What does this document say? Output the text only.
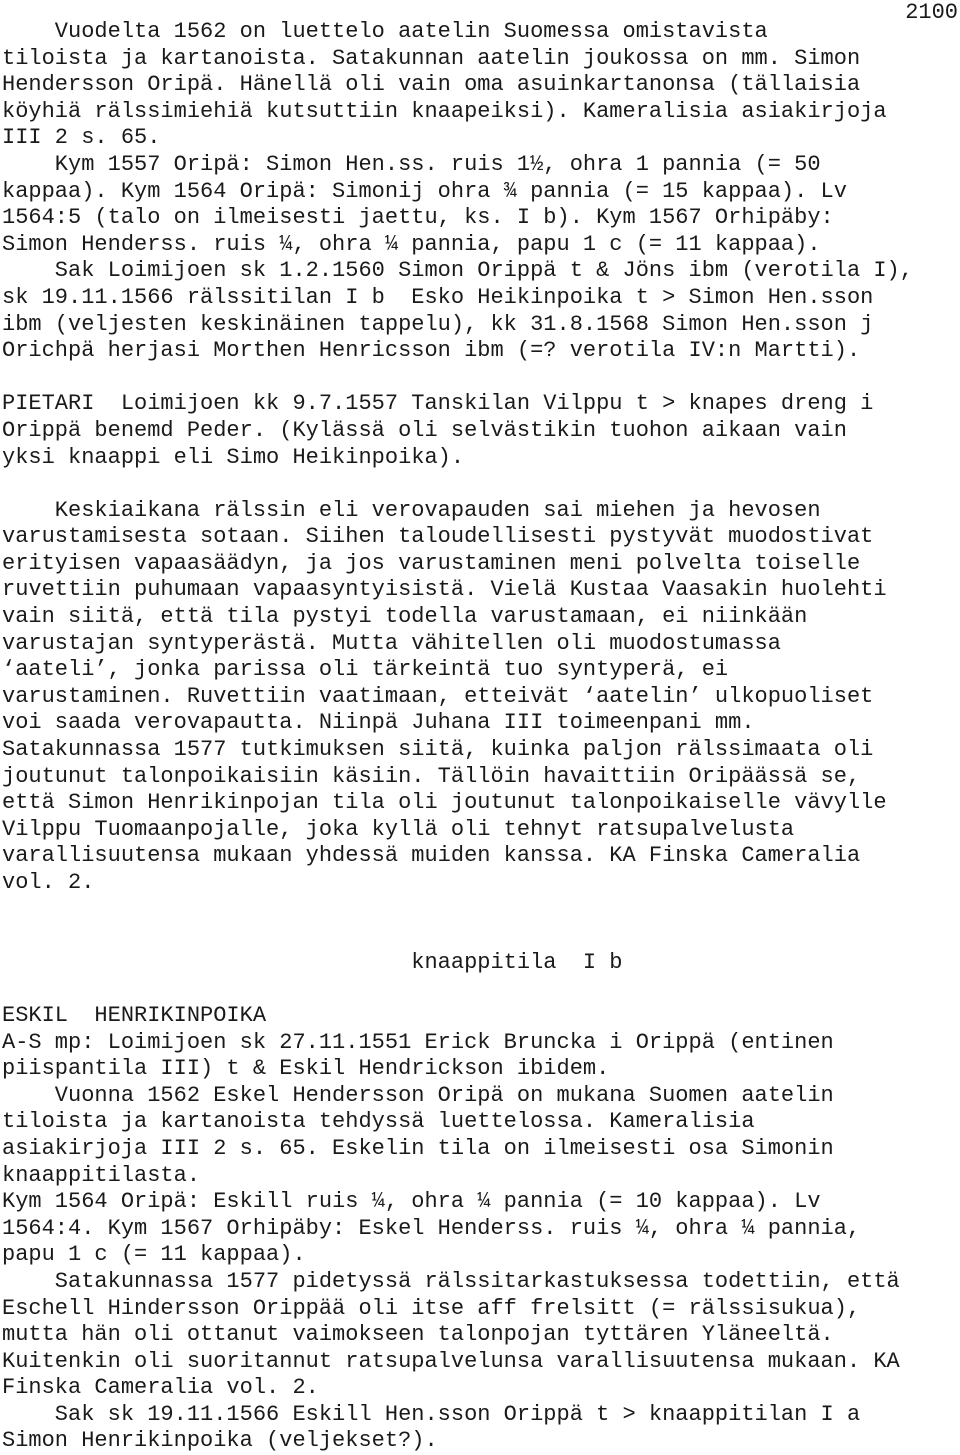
2100
Vuodelta 1562 on luettelo aatelin Suomessa omistavista
tiloista ja kartanoista. Satakunnan aatelin joukossa on mm. Simon
Hendersson Oripä. Hänellä oli vain oma asuinkartanonsa (tällaisia
köyhiä rälssimiehiä kutsuttiin knaapeiksi). Kameralisia asiakirjoja
III 2 s. 65.
Kym 1557 Oripä: Simon Hen.ss. ruis 1½, ohra 1 pannia (= 50
kappaa). Kym 1564 Oripä: Simonij ohra ¾ pannia (= 15 kappaa). Lv
1564:5 (talo on ilmeisesti jaettu, ks. I b). Kym 1567 Orhipäby:
Simon Henderss. ruis ¼, ohra ¼ pannia, papu 1 c (= 11 kappaa).
Sak Loimijoen sk 1.2.1560 Simon Orippä t & Jöns ibm (verotila I),
sk 19.11.1566 rälssitilan I b  Esko Heikinpoika t > Simon Hen.sson
ibm (veljesten keskinäinen tappelu), kk 31.8.1568 Simon Hen.sson j
Orichpä herjasi Morthen Henricsson ibm (=? verotila IV:n Martti).
PIETARI  Loimijoen kk 9.7.1557 Tanskilan Vilppu t > knapes dreng i
Orippä benemd Peder. (Kylässä oli selvästikin tuohon aikaan vain
yksi knaappi eli Simo Heikinpoika).
Keskiaikana rälssin eli verovapauden sai miehen ja hevosen
varustamisesta sotaan. Siihen taloudellisesti pystyvät muodostivat
erityisen vapaasäädyn, ja jos varustaminen meni polvelta toiselle
ruvettiin puhumaan vapaasyntyisistä. Vielä Kustaa Vaasakin huolehti
vain siitä, että tila pystyi todella varustamaan, ei niinkään
varustajan syntyperästä. Mutta vähitellen oli muodostumassa
‘aateli’, jonka parissa oli tärkeintä tuo syntyperä, ei
varustaminen. Ruvettiin vaatimaan, etteivät ‘aatelin’ ulkopuoliset
voi saada verovapautta. Niinpä Juhana III toimeenpani mm.
Satakunnassa 1577 tutkimuksen siitä, kuinka paljon rälssimaata oli
joutunut talonpoikaisiin käsiin. Tällöin havaittiin Oripäässä se,
että Simon Henrikinpojan tila oli joutunut talonpoikaiselle vävylle
Vilppu Tuomaanpojalle, joka kyllä oli tehnyt ratsupalvelusta
varallisuutensa mukaan yhdessä muiden kanssa. KA Finska Cameralia
vol. 2.
knaappitila  I b
ESKIL  HENRIKINPOIKA
A-S mp: Loimijoen sk 27.11.1551 Erick Bruncka i Orippä (entinen
piispantila III) t & Eskil Hendrickson ibidem.
Vuonna 1562 Eskel Hendersson Oripä on mukana Suomen aatelin
tiloista ja kartanoista tehdyssä luettelossa. Kameralisia
asiakirjoja III 2 s. 65. Eskelin tila on ilmeisesti osa Simonin
knaappitilasta.
Kym 1564 Oripä: Eskill ruis ¼, ohra ¼ pannia (= 10 kappaa). Lv
1564:4. Kym 1567 Orhipäby: Eskel Henderss. ruis ¼, ohra ¼ pannia,
papu 1 c (= 11 kappaa).
Satakunnassa 1577 pidetyssä rälssitarkastuksessa todettiin, että
Eschell Hindersson Orippää oli itse aff frelsitt (= rälssisukua),
mutta hän oli ottanut vaimokseen talonpojan tyttären Yläneeltä.
Kuitenkin oli suoritannut ratsupalvelunsa varallisuutensa mukaan. KA
Finska Cameralia vol. 2.
Sak sk 19.11.1566 Eskill Hen.sson Orippä t > knaappitilan I a
Simon Henrikinpoika (veljekset?).
